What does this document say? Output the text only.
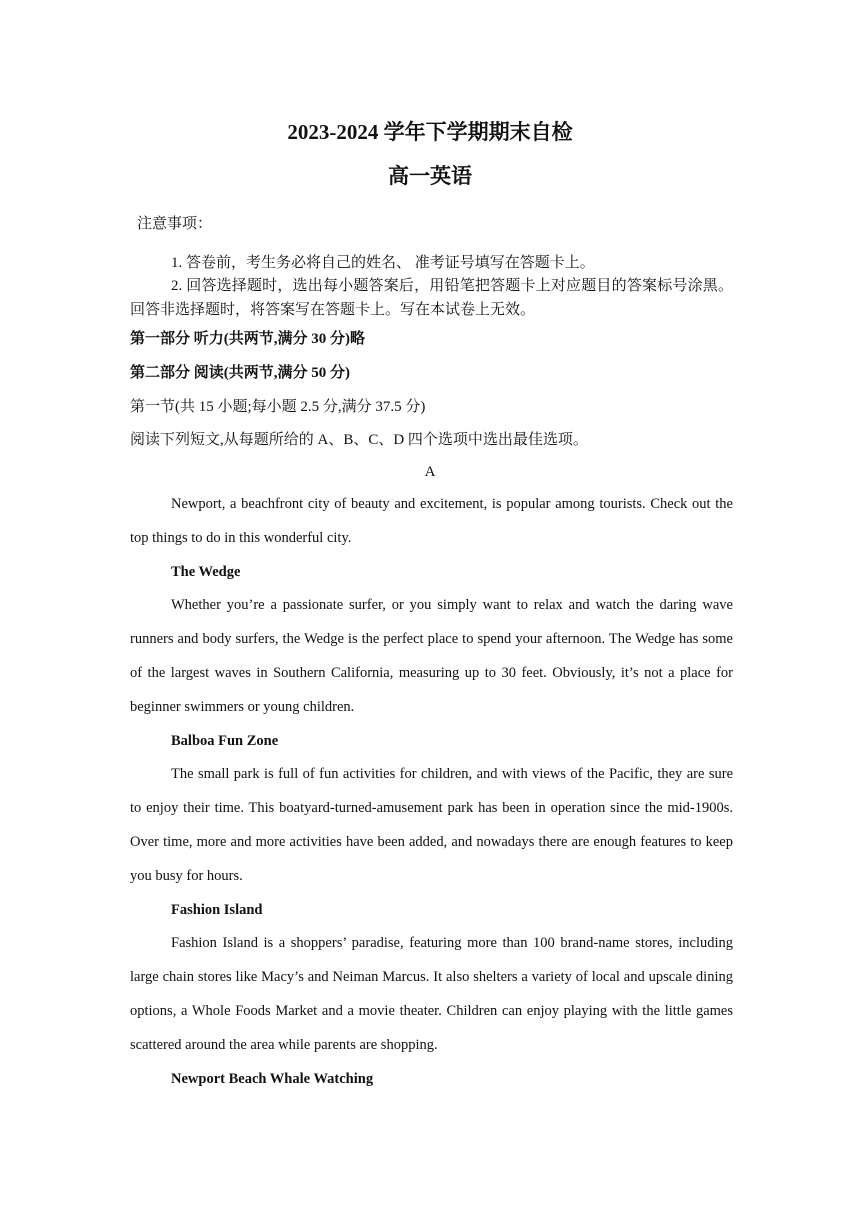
2023-2024 学年下学期期末自检
高一英语
注意事项：
1. 答卷前，考生务必将自己的姓名、 准考证号填写在答题卡上。

2. 回答选择题时，选出每小题答案后，用铅笔把答题卡上对应题目的答案标号涂黑。回答非选择题时，将答案写在答题卡上。写在本试卷上无效。

第一部分 听力(共两节,满分 30 分)略
第二部分 阅读(共两节,满分 50 分)
第一节(共 15 小题;每小题 2.5 分,满分 37.5 分)
阅读下列短文,从每题所给的 A、B、C、D 四个选项中选出最佳选项。
A

Newport, a beachfront city of beauty and excitement, is popular among tourists. Check out the top things to do in this wonderful city.

The Wedge

Whether you’re a passionate surfer, or you simply want to relax and watch the daring wave runners and body surfers, the Wedge is the perfect place to spend your afternoon. The Wedge has some of the largest waves in Southern California, measuring up to 30 feet. Obviously, it’s not a place for beginner swimmers or young children.

Balboa Fun Zone

The small park is full of fun activities for children, and with views of the Pacific, they are sure to enjoy their time. This boatyard-turned-amusement park has been in operation since the mid-1900s. Over time, more and more activities have been added, and nowadays there are enough features to keep you busy for hours.

Fashion Island

Fashion Island is a shoppers’ paradise, featuring more than 100 brand-name stores, including large chain stores like Macy’s and Neiman Marcus. It also shelters a variety of local and upscale dining options, a Whole Foods Market and a movie theater. Children can enjoy playing with the little games scattered around the area while parents are shopping.

Newport Beach Whale Watching
